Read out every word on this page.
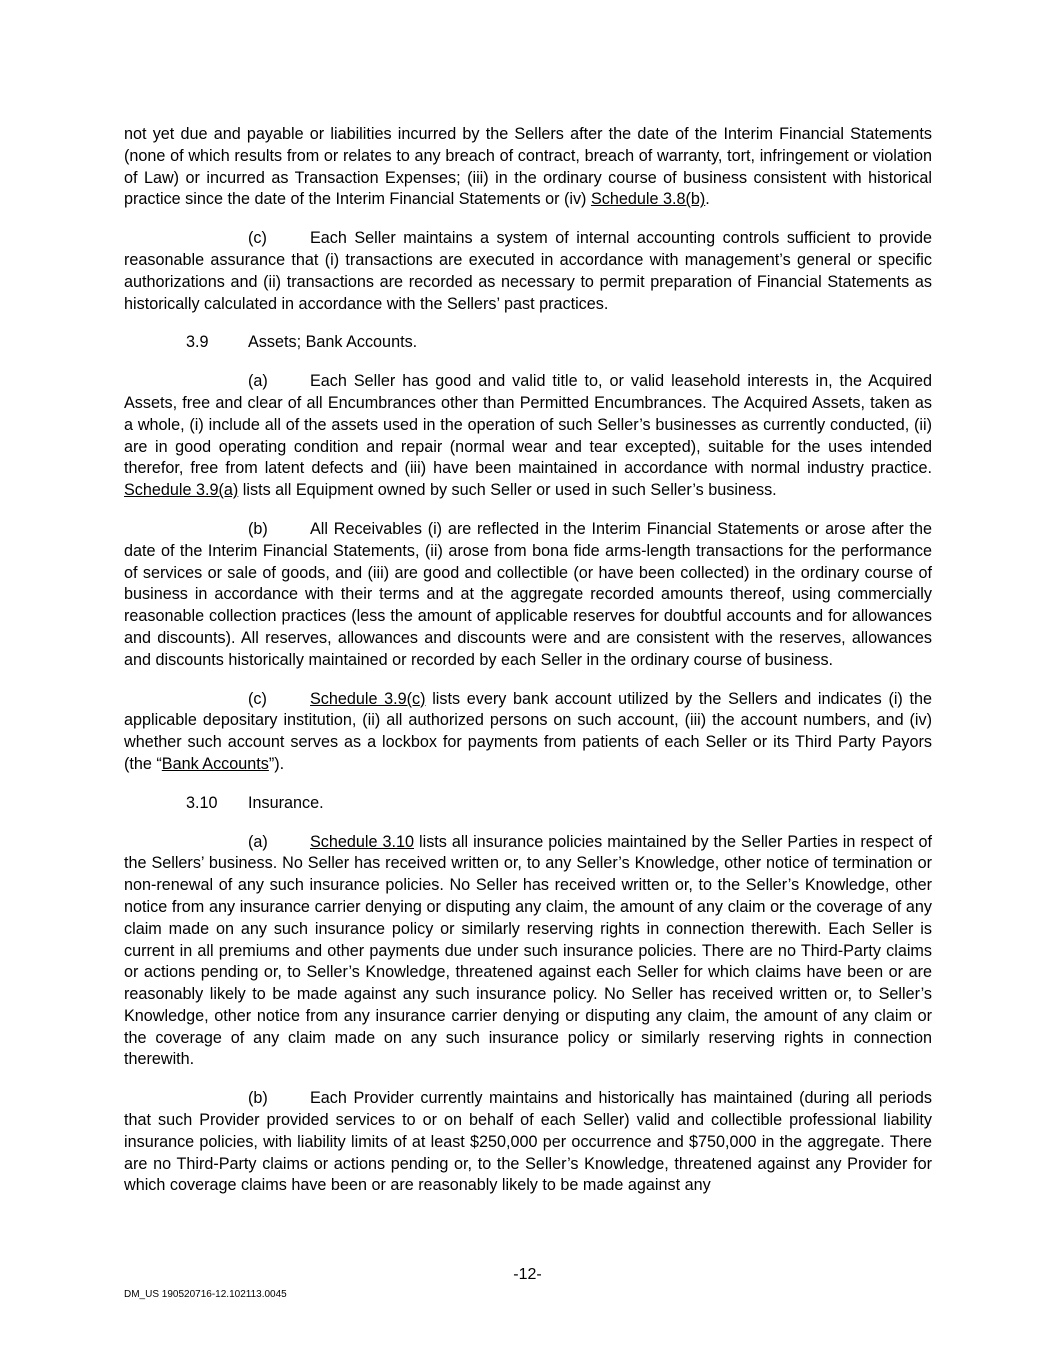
not yet due and payable or liabilities incurred by the Sellers after the date of the Interim Financial Statements (none of which results from or relates to any breach of contract, breach of warranty, tort, infringement or violation of Law) or incurred as Transaction Expenses; (iii) in the ordinary course of business consistent with historical practice since the date of the Interim Financial Statements or (iv) Schedule 3.8(b).

(c)	Each Seller maintains a system of internal accounting controls sufficient to provide reasonable assurance that (i) transactions are executed in accordance with management’s general or specific authorizations and (ii) transactions are recorded as necessary to permit preparation of Financial Statements as historically calculated in accordance with the Sellers’ past practices.

3.9 Assets; Bank Accounts.

(a)	Each Seller has good and valid title to, or valid leasehold interests in, the Acquired Assets, free and clear of all Encumbrances other than Permitted Encumbrances. The Acquired Assets, taken as a whole, (i) include all of the assets used in the operation of such Seller’s businesses as currently conducted, (ii) are in good operating condition and repair (normal wear and tear excepted), suitable for the uses intended therefor, free from latent defects and (iii) have been maintained in accordance with normal industry practice. Schedule 3.9(a) lists all Equipment owned by such Seller or used in such Seller’s business.

(b)	All Receivables (i) are reflected in the Interim Financial Statements or arose after the date of the Interim Financial Statements, (ii) arose from bona fide arms-length transactions for the performance of services or sale of goods, and (iii) are good and collectible (or have been collected) in the ordinary course of business in accordance with their terms and at the aggregate recorded amounts thereof, using commercially reasonable collection practices (less the amount of applicable reserves for doubtful accounts and for allowances and discounts). All reserves, allowances and discounts were and are consistent with the reserves, allowances and discounts historically maintained or recorded by each Seller in the ordinary course of business.

(c)	Schedule 3.9(c) lists every bank account utilized by the Sellers and indicates (i) the applicable depositary institution, (ii) all authorized persons on such account, (iii) the account numbers, and (iv) whether such account serves as a lockbox for payments from patients of each Seller or its Third Party Payors (the “Bank Accounts”).

3.10 Insurance.

(a)	Schedule 3.10 lists all insurance policies maintained by the Seller Parties in respect of the Sellers’ business. No Seller has received written or, to any Seller’s Knowledge, other notice of termination or non-renewal of any such insurance policies. No Seller has received written or, to the Seller’s Knowledge, other notice from any insurance carrier denying or disputing any claim, the amount of any claim or the coverage of any claim made on any such insurance policy or similarly reserving rights in connection therewith. Each Seller is current in all premiums and other payments due under such insurance policies. There are no Third-Party claims or actions pending or, to Seller’s Knowledge, threatened against each Seller for which claims have been or are reasonably likely to be made against any such insurance policy. No Seller has received written or, to Seller’s Knowledge, other notice from any insurance carrier denying or disputing any claim, the amount of any claim or the coverage of any claim made on any such insurance policy or similarly reserving rights in connection therewith.

(b)	Each Provider currently maintains and historically has maintained (during all periods that such Provider provided services to or on behalf of each Seller) valid and collectible professional liability insurance policies, with liability limits of at least $250,000 per occurrence and $750,000 in the aggregate. There are no Third-Party claims or actions pending or, to the Seller’s Knowledge, threatened against any Provider for which coverage claims have been or are reasonably likely to be made against any

-12-
DM_US 190520716-12.102113.0045
